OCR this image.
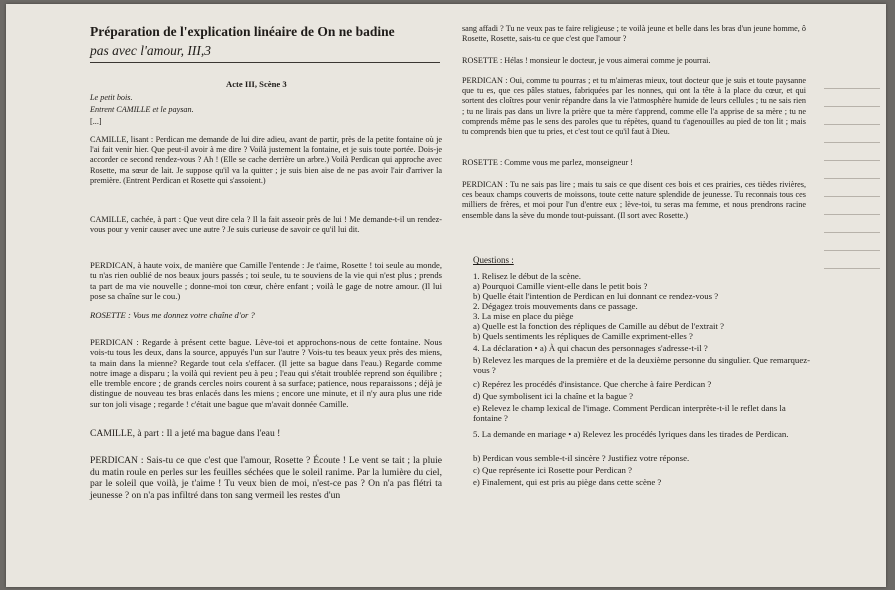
Préparation de l'explication linéaire de On ne badine
pas avec l'amour, III,3
Acte III, Scène 3
Le petit bois.
Entrent CAMILLE et le paysan.
[...]
CAMILLE, lisant : Perdican me demande de lui dire adieu, avant de partir, près de la petite fontaine où je l'ai fait venir hier. Que peut-il avoir à me dire ? Voilà justement la fontaine, et je suis toute portée. Dois-je accorder ce second rendez-vous ? Ah ! (Elle se cache derrière un arbre.) Voilà Perdican qui approche avec Rosette, ma sœur de lait. Je suppose qu'il va la quitter ; je suis bien aise de ne pas avoir l'air d'arriver la première. (Entrent Perdican et Rosette qui s'assoient.)
CAMILLE, cachée, à part : Que veut dire cela ? Il la fait asseoir près de lui ! Me demande-t-il un rendez-vous pour y venir causer avec une autre ? Je suis curieuse de savoir ce qu'il lui dit.
PERDICAN, à haute voix, de manière que Camille l'entende : Je t'aime, Rosette ! toi seule au monde, tu n'as rien oublié de nos beaux jours passés ; toi seule, tu te souviens de la vie qui n'est plus ; prends ta part de ma vie nouvelle ; donne-moi ton cœur, chère enfant ; voilà le gage de notre amour. (Il lui pose sa chaîne sur le cou.)
ROSETTE : Vous me donnez votre chaîne d'or ?
PERDICAN : Regarde à présent cette bague. Lève-toi et approchons-nous de cette fontaine. Nous vois-tu tous les deux, dans la source, appuyés l'un sur l'autre ? Vois-tu tes beaux yeux près des miens, ta main dans la mienne? Regarde tout cela s'effacer. (Il jette sa bague dans l'eau.) Regarde comme notre image a disparu ; la voilà qui revient peu à peu ; l'eau qui s'était troublée reprend son équilibre ; elle tremble encore ; de grands cercles noirs courent à sa surface; patience, nous reparaissons ; déjà je distingue de nouveau tes bras enlacés dans les miens ; encore une minute, et il n'y aura plus une ride sur ton joli visage ; regarde ! c'était une bague que m'avait donnée Camille.
CAMILLE, à part : Il a jeté ma bague dans l'eau !
PERDICAN : Sais-tu ce que c'est que l'amour, Rosette ? Écoute ! Le vent se tait ; la pluie du matin roule en perles sur les feuilles séchées que le soleil ranime. Par la lumière du ciel, par le soleil que voilà, je t'aime ! Tu veux bien de moi, n'est-ce pas ? On n'a pas flétri ta jeunesse ? on n'a pas infiltré dans ton sang vermeil les restes d'un
sang affadi ? Tu ne veux pas te faire religieuse ; te voilà jeune et belle dans les bras d'un jeune homme, ô Rosette, Rosette, sais-tu ce que c'est que l'amour ?
ROSETTE : Hélas ! monsieur le docteur, je vous aimerai comme je pourrai.
PERDICAN : Oui, comme tu pourras ; et tu m'aimeras mieux, tout docteur que je suis et toute paysanne que tu es, que ces pâles statues, fabriquées par les nonnes, qui ont la tête à la place du cœur, et qui sortent des cloîtres pour venir répandre dans la vie l'atmosphère humide de leurs cellules ; tu ne sais rien ; tu ne lirais pas dans un livre la prière que ta mère t'apprend, comme elle l'a apprise de sa mère ; tu ne comprends même pas le sens des paroles que tu répètes, quand tu t'agenouilles au pied de ton lit ; mais tu comprends bien que tu pries, et c'est tout ce qu'il faut à Dieu.
ROSETTE : Comme vous me parlez, monseigneur !
PERDICAN : Tu ne sais pas lire ; mais tu sais ce que disent ces bois et ces prairies, ces tièdes rivières, ces beaux champs couverts de moissons, toute cette nature splendide de jeunesse. Tu reconnais tous ces milliers de frères, et moi pour l'un d'entre eux ; lève-toi, tu seras ma femme, et nous prendrons racine ensemble dans la sève du monde tout-puissant. (Il sort avec Rosette.)
Questions :
1. Relisez le début de la scène.
a) Pourquoi Camille vient-elle dans le petit bois ?
b) Quelle était l'intention de Perdican en lui donnant ce rendez-vous ?
2. Dégagez trois mouvements dans ce passage.
3. La mise en place du piège
a) Quelle est la fonction des répliques de Camille au début de l'extrait ?
b) Quels sentiments les répliques de Camille expriment-elles ?
4. La déclaration • a) À qui chacun des personnages s'adresse-t-il ?
b) Relevez les marques de la première et de la deuxième personne du singulier. Que remarquez-vous ?
c) Repérez les procédés d'insistance. Que cherche à faire Perdican ?
d) Que symbolisent ici la chaîne et la bague ?
e) Relevez le champ lexical de l'image. Comment Perdican interprète-t-il le reflet dans la fontaine ?
5. La demande en mariage • a) Relevez les procédés lyriques dans les tirades de Perdican.
b) Perdican vous semble-t-il sincère ? Justifiez votre réponse.
c) Que représente ici Rosette pour Perdican ?
e) Finalement, qui est pris au piège dans cette scène ?
